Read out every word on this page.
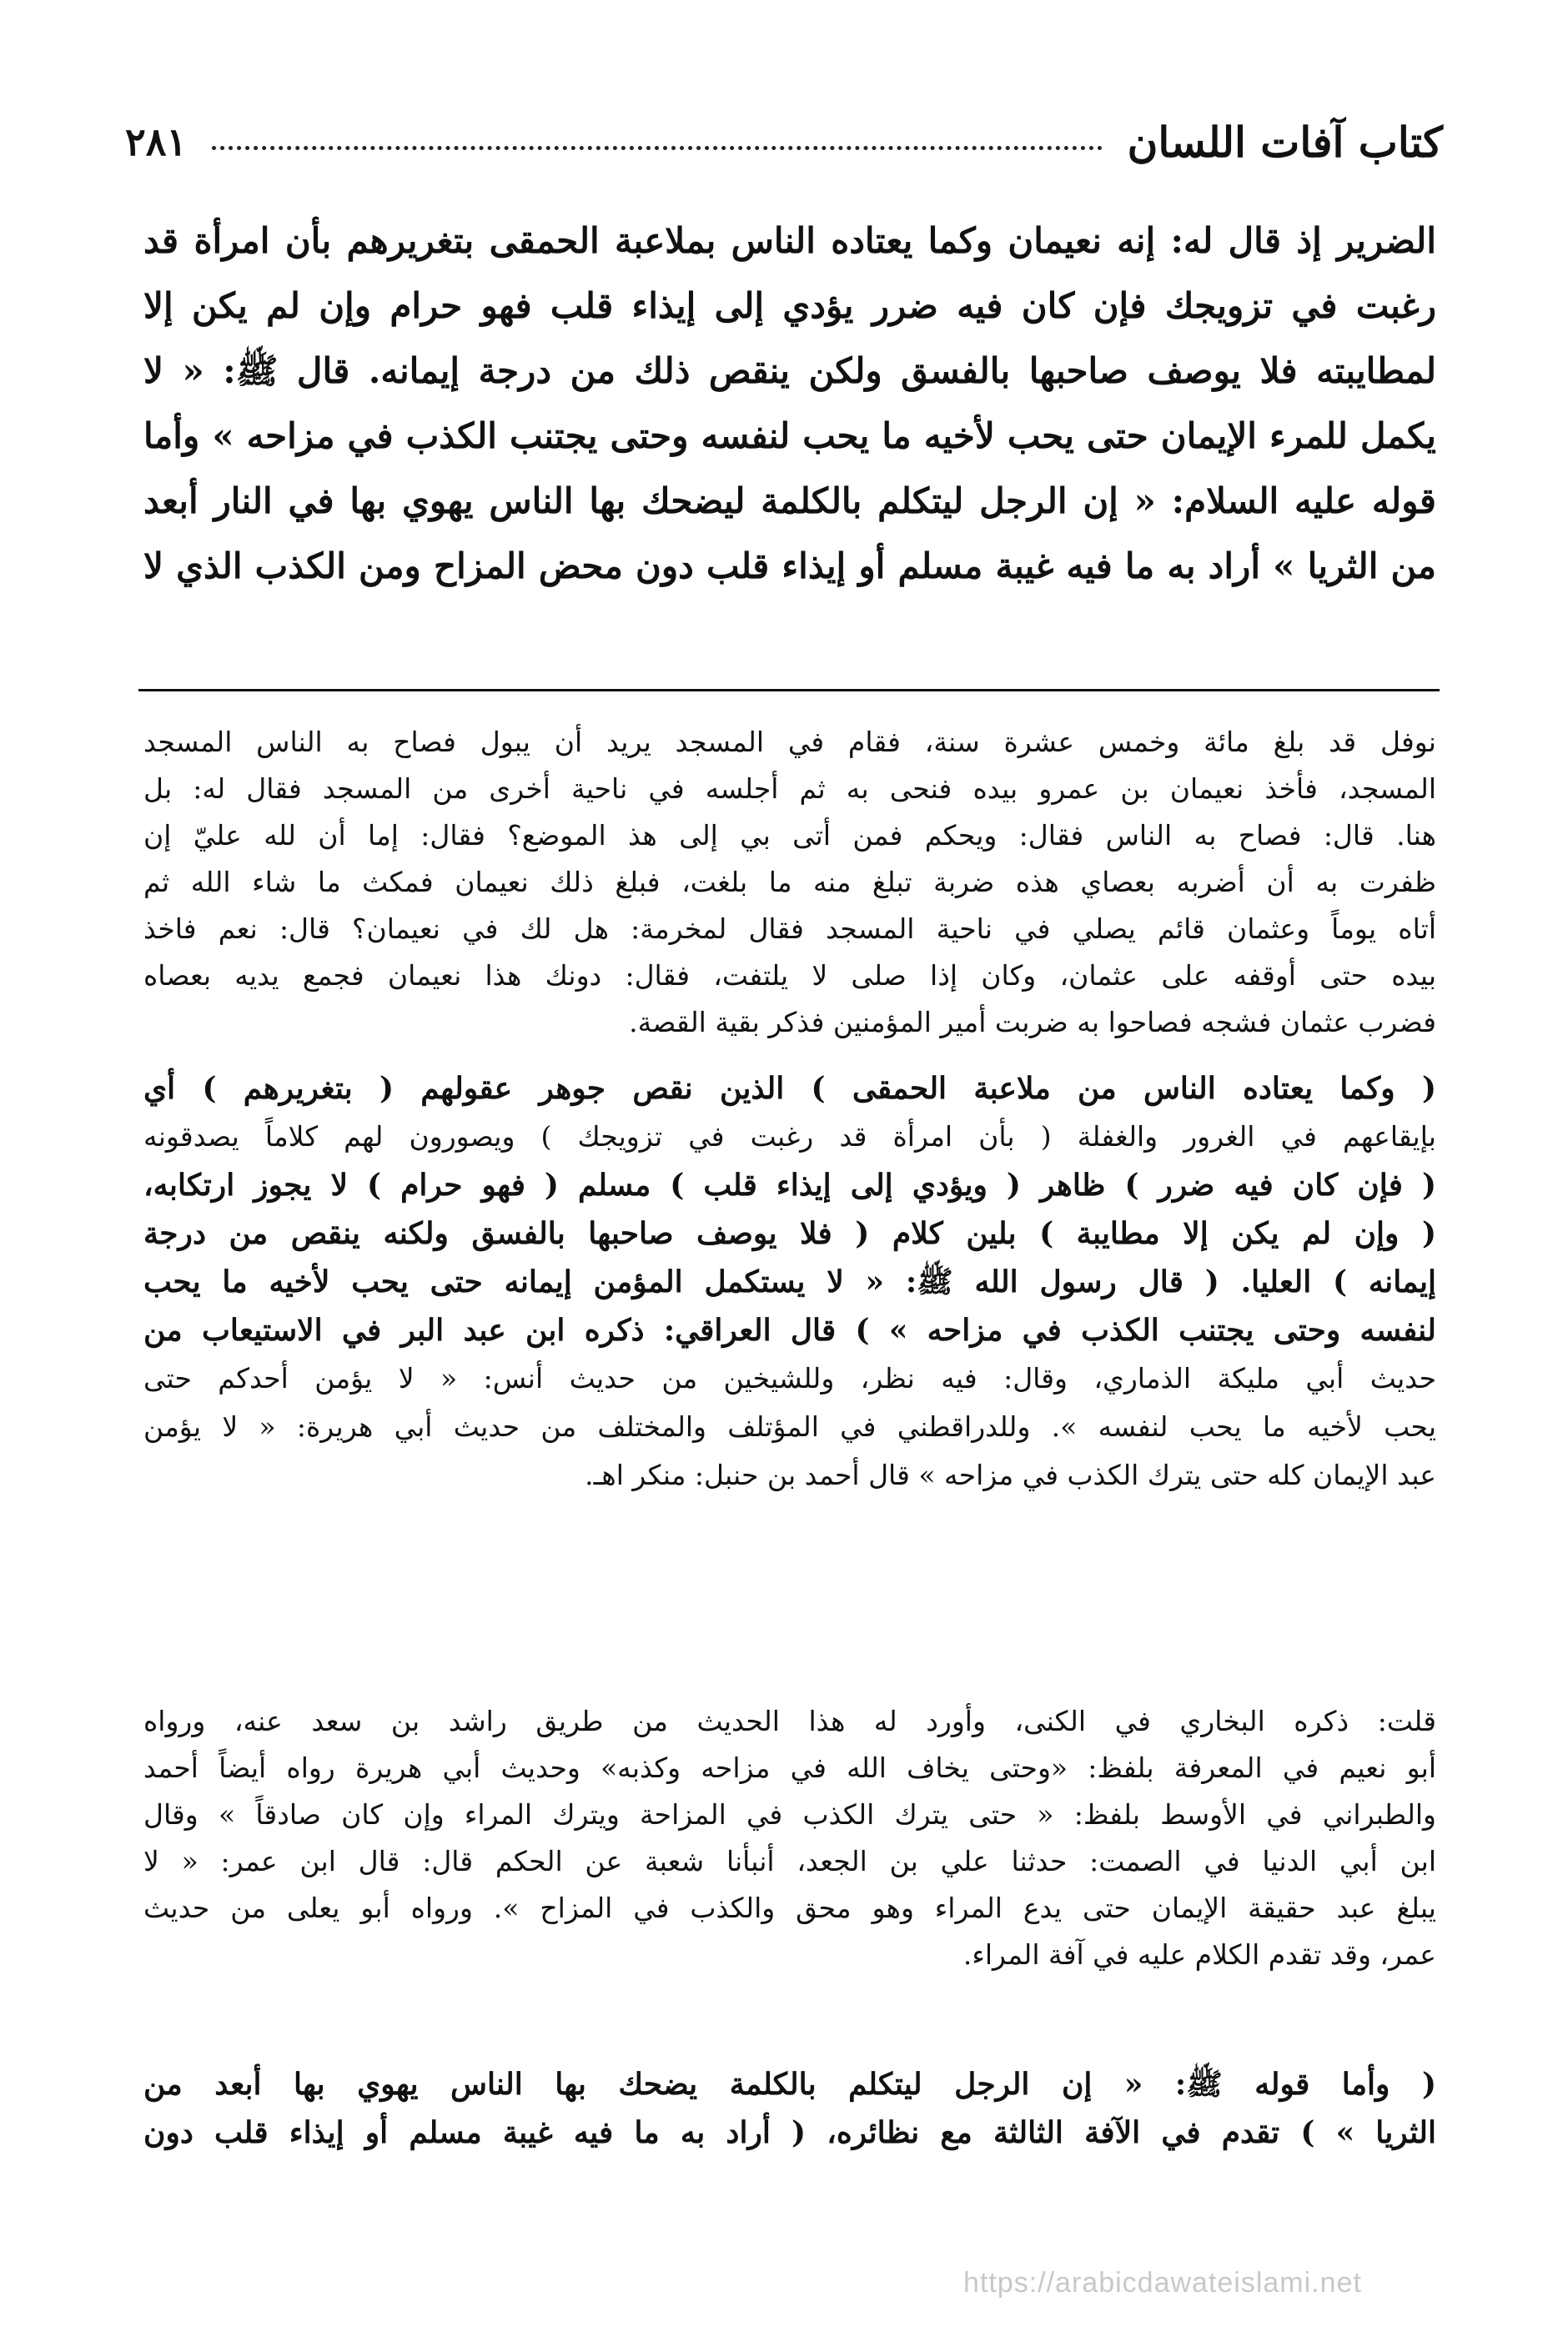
كتاب آفات اللسان
٢٨١
الضرير إذ قال له: إنه نعيمان وكما يعتاده الناس بملاعبة الحمقى بتغريرهم بأن امرأة قد
رغبت في تزويجك فإن كان فيه ضرر يؤدي إلى إيذاء قلب فهو حرام وإن لم يكن إلا
لمطايبته فلا يوصف صاحبها بالفسق ولكن ينقص ذلك من درجة إيمانه. قال ﷺ: « لا
يكمل للمرء الإيمان حتى يحب لأخيه ما يحب لنفسه وحتى يجتنب الكذب في مزاحه » وأما
قوله عليه السلام: « إن الرجل ليتكلم بالكلمة ليضحك بها الناس يهوي بها في النار أبعد
من الثريا » أراد به ما فيه غيبة مسلم أو إيذاء قلب دون محض المزاح ومن الكذب الذي لا
نوفل قد بلغ مائة وخمس عشرة سنة، فقام في المسجد يريد أن يبول فصاح به الناس المسجد
المسجد، فأخذ نعيمان بن عمرو بيده فنحى به ثم أجلسه في ناحية أخرى من المسجد فقال له: بل
هنا. قال: فصاح به الناس فقال: ويحكم فمن أتى بي إلى هذ الموضع؟ فقال: إما أن لله عليّ إن
ظفرت به أن أضربه بعصاي هذه ضربة تبلغ منه ما بلغت، فبلغ ذلك نعيمان فمكث ما شاء الله ثم
أتاه يوماً وعثمان قائم يصلي في ناحية المسجد فقال لمخرمة: هل لك في نعيمان؟ قال: نعم فاخذ
بيده حتى أوقفه على عثمان، وكان إذا صلى لا يلتفت، فقال: دونك هذا نعيمان فجمع يديه بعصاه
فضرب عثمان فشجه فصاحوا به ضربت أمير المؤمنين فذكر بقية القصة.
( وكما يعتاده الناس من ملاعبة الحمقى ) الذين نقص جوهر عقولهم ( بتغريرهم ) أي
بإيقاعهم في الغرور والغفلة ( بأن امرأة قد رغبت في تزويجك ) ويصورون لهم كلاماً يصدقونه
( فإن كان فيه ضرر ) ظاهر ( ويؤدي إلى إيذاء قلب ) مسلم ( فهو حرام ) لا يجوز ارتكابه،
( وإن لم يكن إلا مطايبة ) بلين كلام ( فلا يوصف صاحبها بالفسق ولكنه ينقص من درجة
إيمانه ) العليا. ( قال رسول الله ﷺ: « لا يستكمل المؤمن إيمانه حتى يحب لأخيه ما يحب
لنفسه وحتى يجتنب الكذب في مزاحه » ) قال العراقي: ذكره ابن عبد البر في الاستيعاب من
حديث أبي مليكة الذماري، وقال: فيه نظر، وللشيخين من حديث أنس: « لا يؤمن أحدكم حتى
يحب لأخيه ما يحب لنفسه ». وللدراقطني في المؤتلف والمختلف من حديث أبي هريرة: « لا يؤمن
عبد الإيمان كله حتى يترك الكذب في مزاحه » قال أحمد بن حنبل: منكر اهـ.
قلت: ذكره البخاري في الكنى، وأورد له هذا الحديث من طريق راشد بن سعد عنه، ورواه
أبو نعيم في المعرفة بلفظ: «وحتى يخاف الله في مزاحه وكذبه» وحديث أبي هريرة رواه أيضاً أحمد
والطبراني في الأوسط بلفظ: « حتى يترك الكذب في المزاحة ويترك المراء وإن كان صادقاً » وقال
ابن أبي الدنيا في الصمت: حدثنا علي بن الجعد، أنبأنا شعبة عن الحكم قال: قال ابن عمر: « لا
يبلغ عبد حقيقة الإيمان حتى يدع المراء وهو محق والكذب في المزاح ». ورواه أبو يعلى من حديث
عمر، وقد تقدم الكلام عليه في آفة المراء.
( وأما قوله ﷺ: « إن الرجل ليتكلم بالكلمة يضحك بها الناس يهوي بها أبعد من
الثريا » ) تقدم في الآفة الثالثة مع نظائره، ( أراد به ما فيه غيبة مسلم أو إيذاء قلب دون
https://arabicdawateislami.net
